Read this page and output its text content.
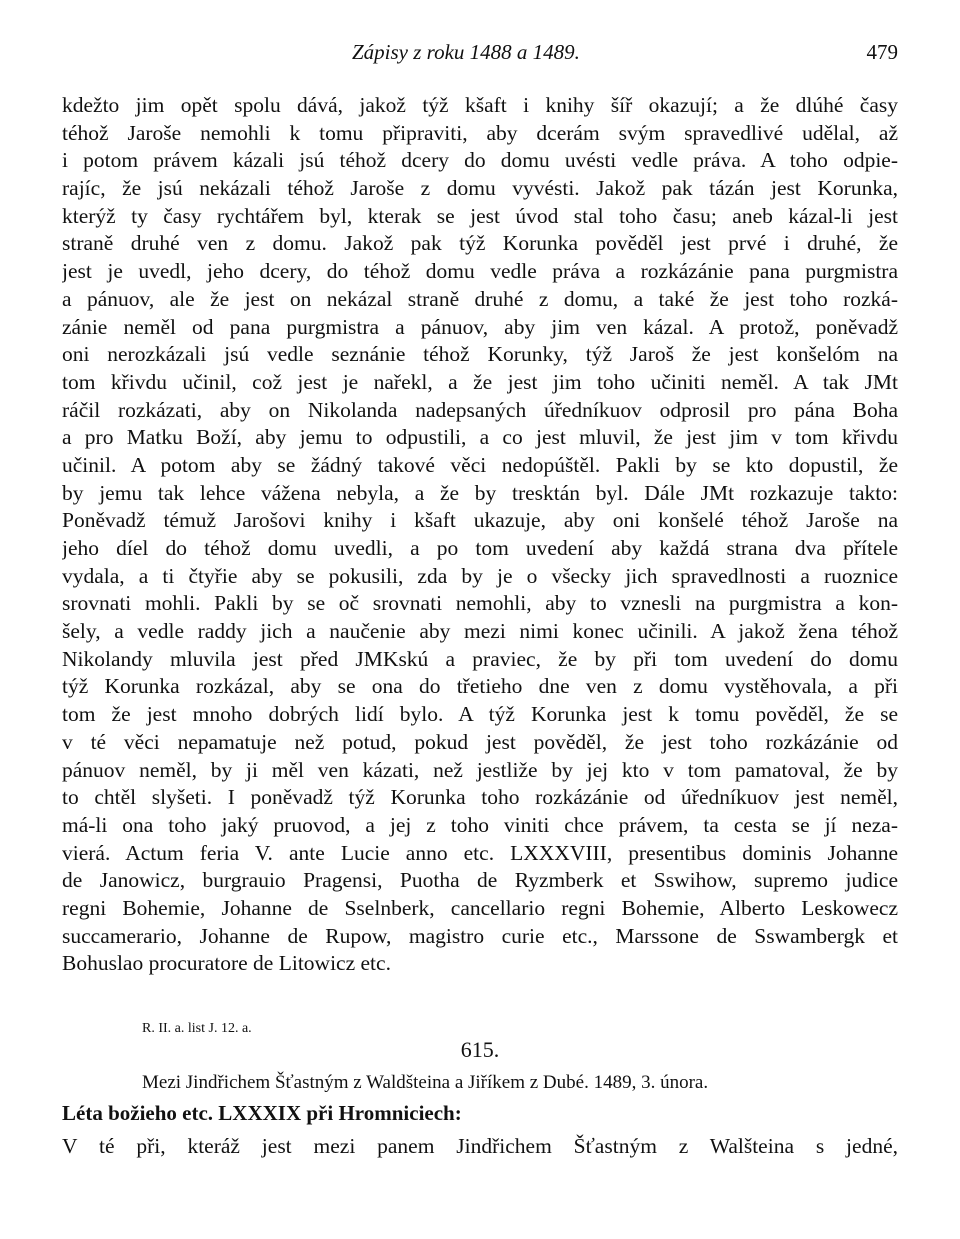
Zápisy z roku 1488 a 1489.	479
kdežto jim opět spolu dává, jakož týž kšaft i knihy šíř okazují; a že dlúhé časy
téhož Jaroše nemohli k tomu připraviti, aby dcerám svým spravedlivé udělal, až
i potom právem kázali jsú téhož dcery do domu uvésti vedle práva. A toho odpie-
rajíc, že jsú nekázali téhož Jaroše z domu vyvésti. Jakož pak tázán jest Korunka,
kterýž ty časy rychtářem byl, kterak se jest úvod stal toho času; aneb kázal-li jest
straně druhé ven z domu. Jakož pak týž Korunka pověděl jest prvé i druhé, že
jest je uvedl, jeho dcery, do téhož domu vedle práva a rozkázánie pana purgmistra
a pánuov, ale že jest on nekázal straně druhé z domu, a také že jest toho rozká-
zánie neměl od pana purgmistra a pánuov, aby jim ven kázal. A protož, poněvadž
oni nerozkázali jsú vedle seznánie téhož Korunky, týž Jaroš že jest konšelóm na
tom křivdu učinil, což jest je nařekl, a že jest jim toho učiniti neměl. A tak JMt
ráčil rozkázati, aby on Nikolanda nadepsaných úředníkuov odprosil pro pána Boha
a pro Matku Boží, aby jemu to odpustili, a co jest mluvil, že jest jim v tom křivdu
učinil. A potom aby se žádný takové věci nedopúštěl. Pakli by se kto dopustil, že
by jemu tak lehce vážena nebyla, a že by tresktán byl. Dále JMt rozkazuje takto:
Poněvadž témuž Jarošovi knihy i kšaft ukazuje, aby oni konšelé téhož Jaroše na
jeho díel do téhož domu uvedli, a po tom uvedení aby každá strana dva přítele
vydala, a ti čtyřie aby se pokusili, zda by je o všecky jich spravedlnosti a ruoznice
srovnati mohli. Pakli by se oč srovnati nemohli, aby to vznesli na purgmistra a kon-
šely, a vedle raddy jich a naučenie aby mezi nimi konec učinili. A jakož žena téhož
Nikolandy mluvila jest před JMKskú a praviec, že by při tom uvedení do domu
týž Korunka rozkázal, aby se ona do třetieho dne ven z domu vystěhovala, a při
tom že jest mnoho dobrých lidí bylo. A týž Korunka jest k tomu pověděl, že se
v té věci nepamatuje než potud, pokud jest pověděl, že jest toho rozkázánie od
pánuov neměl, by ji měl ven kázati, než jestliže by jej kto v tom pamatoval, že by
to chtěl slyšeti. I poněvadž týž Korunka toho rozkázánie od úředníkuov jest neměl,
má-li ona toho jaký pruovod, a jej z toho viniti chce právem, ta cesta se jí neza-
vierá. Actum feria V. ante Lucie anno etc. LXXXVIII, presentibus dominis Johanne
de Janowicz, burgrauio Pragensi, Puotha de Ryzmberk et Sswihow, supremo judice
regni Bohemie, Johanne de Sselnberk, cancellario regni Bohemie, Alberto Leskowecz
succamerario, Johanne de Rupow, magistro curie etc., Marssone de Sswambergk et
Bohuslao procuratore de Litowicz etc.
R. II. a. list J. 12. a.
615.
Mezi Jindřichem Šťastným z Waldšteina a Jiříkem z Dubé. 1489, 3. února.
Léta božieho etc. LXXXIX při Hromniciech:
V té při, kteráž jest mezi panem Jindřichem Šťastným z Walšteina s jedné,
